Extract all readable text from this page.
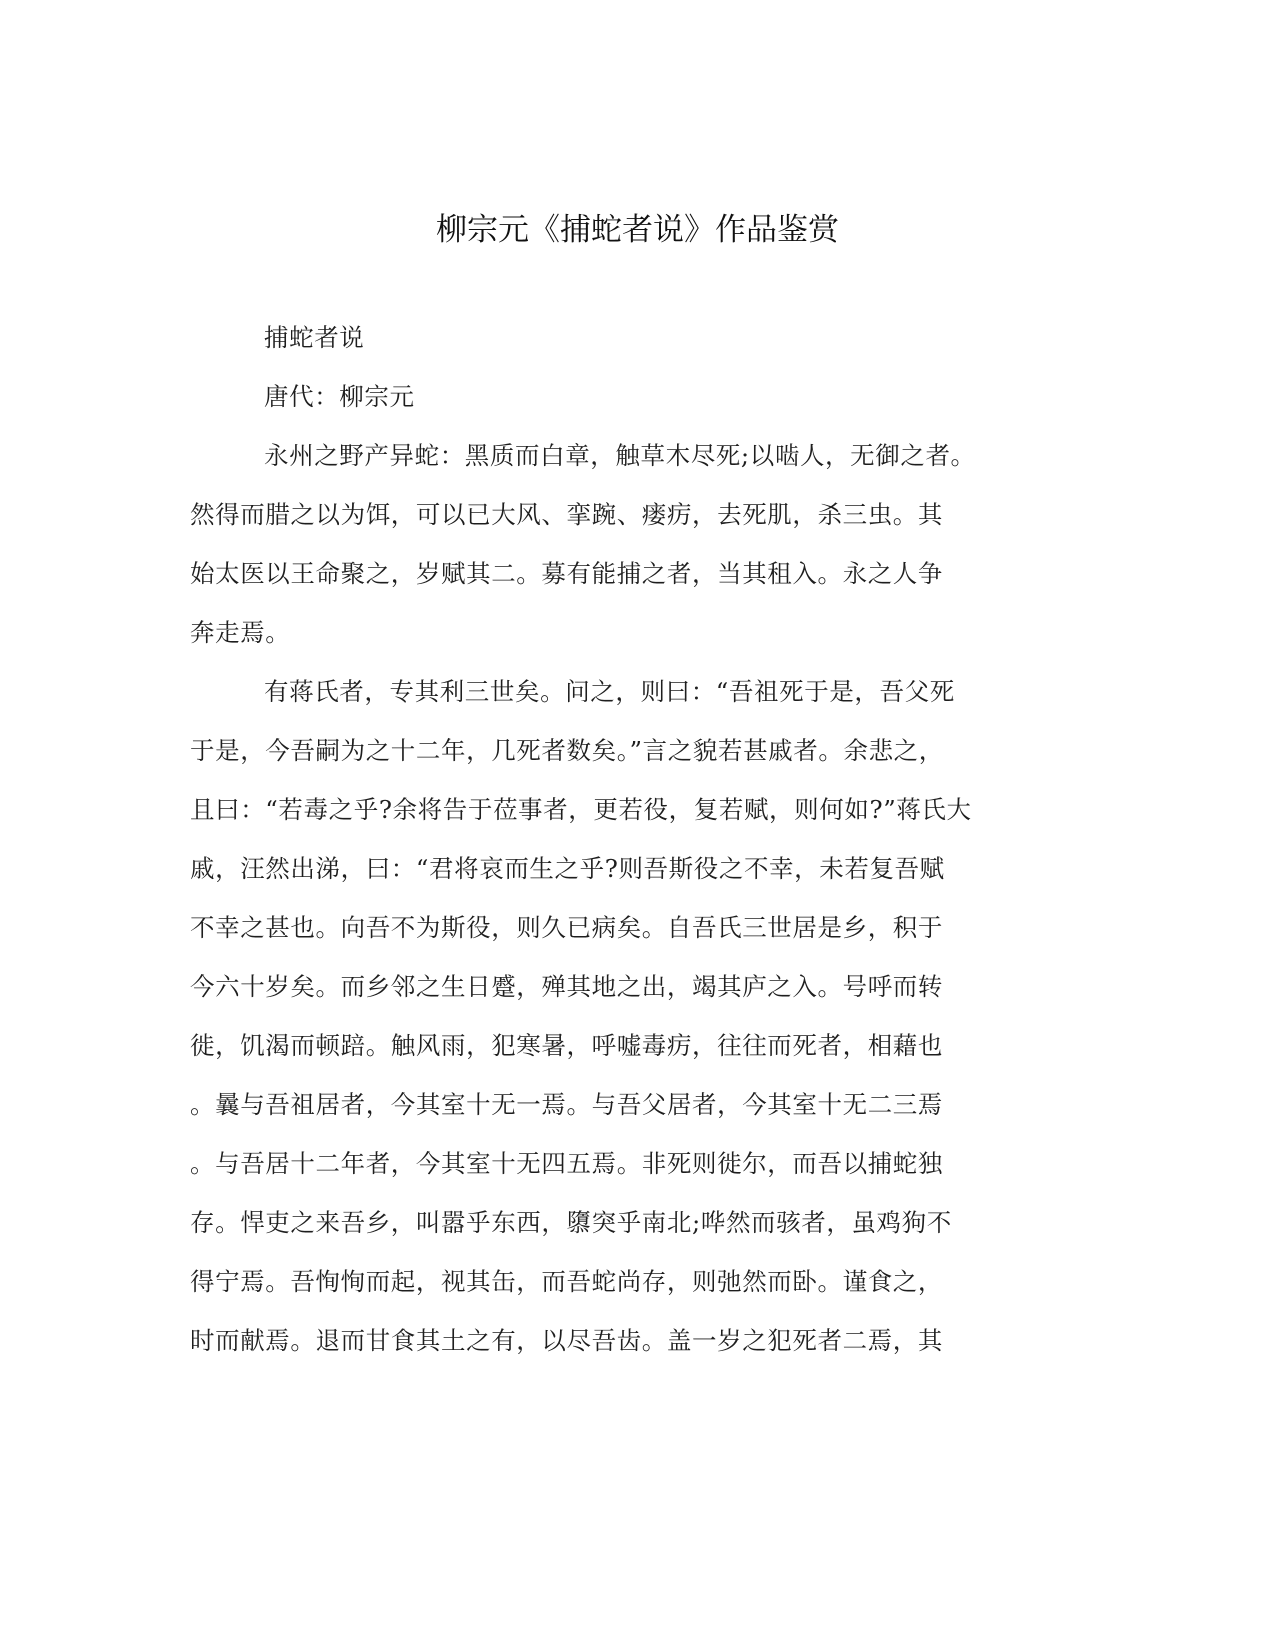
柳宗元《捕蛇者说》作品鉴赏
捕蛇者说
唐代：柳宗元
永州之野产异蛇：黑质而白章，触草木尽死;以啮人，无御之者。
然得而腊之以为饵，可以已大风、挛踠、瘘疠，去死肌，杀三虫。其
始太医以王命聚之，岁赋其二。募有能捕之者，当其租入。永之人争
奔走焉。
有蒋氏者，专其利三世矣。问之，则曰：“吾祖死于是，吾父死
于是，今吾嗣为之十二年，几死者数矣。”言之貌若甚戚者。余悲之，
且曰：“若毒之乎?余将告于莅事者，更若役，复若赋，则何如?”蒋氏大
戚，汪然出涕，曰：“君将哀而生之乎?则吾斯役之不幸，未若复吾赋
不幸之甚也。向吾不为斯役，则久已病矣。自吾氏三世居是乡，积于
今六十岁矣。而乡邻之生日蹙，殚其地之出，竭其庐之入。号呼而转
徙，饥渴而顿踣。触风雨，犯寒暑，呼嘘毒疠，往往而死者，相藉也
。曩与吾祖居者，今其室十无一焉。与吾父居者，今其室十无二三焉
。与吾居十二年者，今其室十无四五焉。非死则徙尔，而吾以捕蛇独
存。悍吏之来吾乡，叫嚣乎东西，隳突乎南北;哗然而骇者，虽鸡狗不
得宁焉。吾恂恂而起，视其缶，而吾蛇尚存，则弛然而卧。谨食之，
时而献焉。退而甘食其土之有，以尽吾齿。盖一岁之犯死者二焉，其
